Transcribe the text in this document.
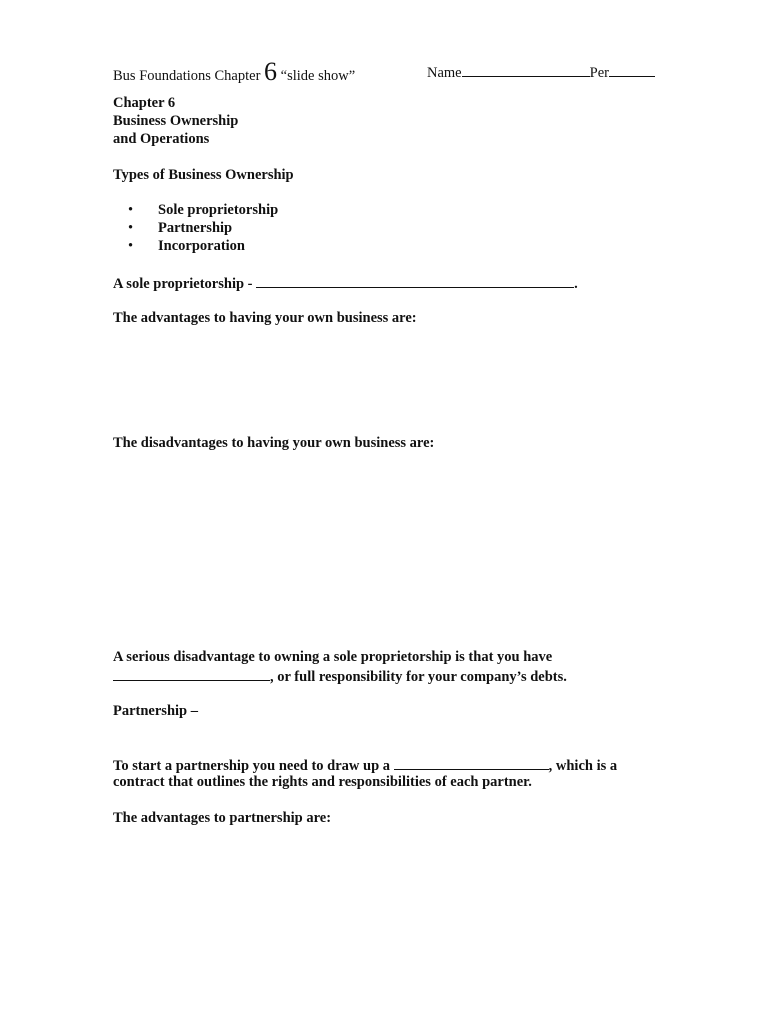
Bus Foundations Chapter 6 “slide show”	Name	Per
Chapter 6
Business Ownership
and Operations
Types of Business Ownership
• Sole proprietorship
• Partnership
• Incorporation
A sole proprietorship -	.
The advantages to having your own business are:
The disadvantages to having your own business are:
A serious disadvantage to owning a sole proprietorship is that you have
, or full responsibility for your company’s debts.
Partnership –
To start a partnership you need to draw up a	, which is a
contract that outlines the rights and responsibilities of each partner.
The advantages to partnership are:
